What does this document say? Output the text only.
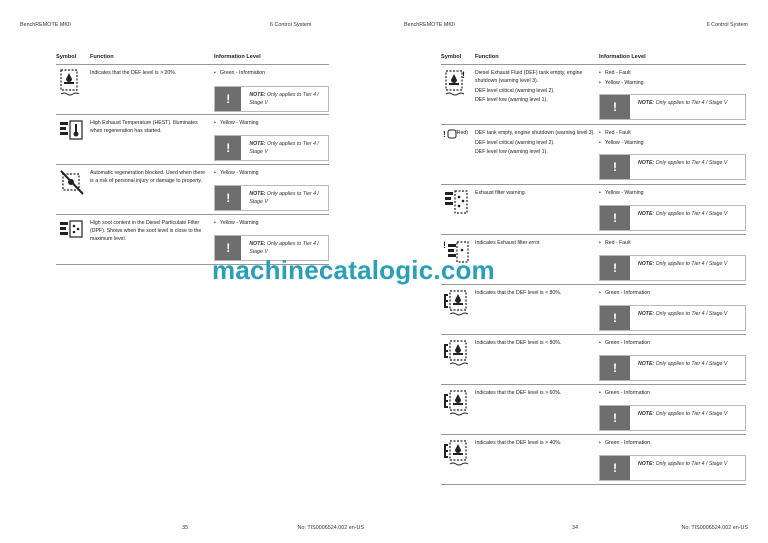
BenchREMOTE MKII	6 Control System
Symbol Function	Information Level

Indicates that the DEF level is > 20%.	• Green - Information
!	NOTE: Only applies to Tier 4 / Stage V

High Exhaust Temperature (HEST). Illuminates when regeneration has started.

• Yellow - Warning
!	NOTE: Only applies to Tier 4 / Stage V

Automatic regeneration blocked. Used when there is a risk of personal injury or damage to property.

• Yellow - Warning
!	NOTE: Only applies to Tier 4 / Stage V

High soot content in the Diesel Particulate Filter (DPF). Shows when the soot level is close to the maximum level.

• Yellow - Warning
!	NOTE: Only applies to Tier 4 / Stage V
35	No: TIS0006524.002 en-US
BenchREMOTE MKII	6 Control System
Symbol Function	Information Level
! Diesel Exhaust Fluid (DEF) tank empty, engine shutdown (warning level 3).

DEF level critical (warning level 2).

DEF level low (warning level 1).

• Red - Fault
• Yellow - Warning
!	NOTE: Only applies to Tier 4 / Stage V
! (Red) DEF tank empty, engine shutdown (warning level 3).

DEF level critical (warning level 2).

DEF level low (warning level 1).

• Red - Fault
• Yellow - Warning
!	NOTE: Only applies to Tier 4 / Stage V

Exhaust filter warning.	• Yellow - Warning
!	NOTE: Only applies to Tier 4 / Stage V
!	Indicates Exhaust filter error.	• Red - Fault
!	NOTE: Only applies to Tier 4 / Stage V

Indicates that the DEF level is < 80%.	• Green - Information
!	NOTE: Only applies to Tier 4 / Stage V

Indicates that the DEF level is < 80%.	• Green - Information
!	NOTE: Only applies to Tier 4 / Stage V

Indicates that the DEF level is > 60%.	• Green - Information
!	NOTE: Only applies to Tier 4 / Stage V

Indicates that the DEF level is > 40%.	• Green - Information
!	NOTE: Only applies to Tier 4 / Stage V
34	No: TIS0006524.002 en-US
machinecatalogic.com
